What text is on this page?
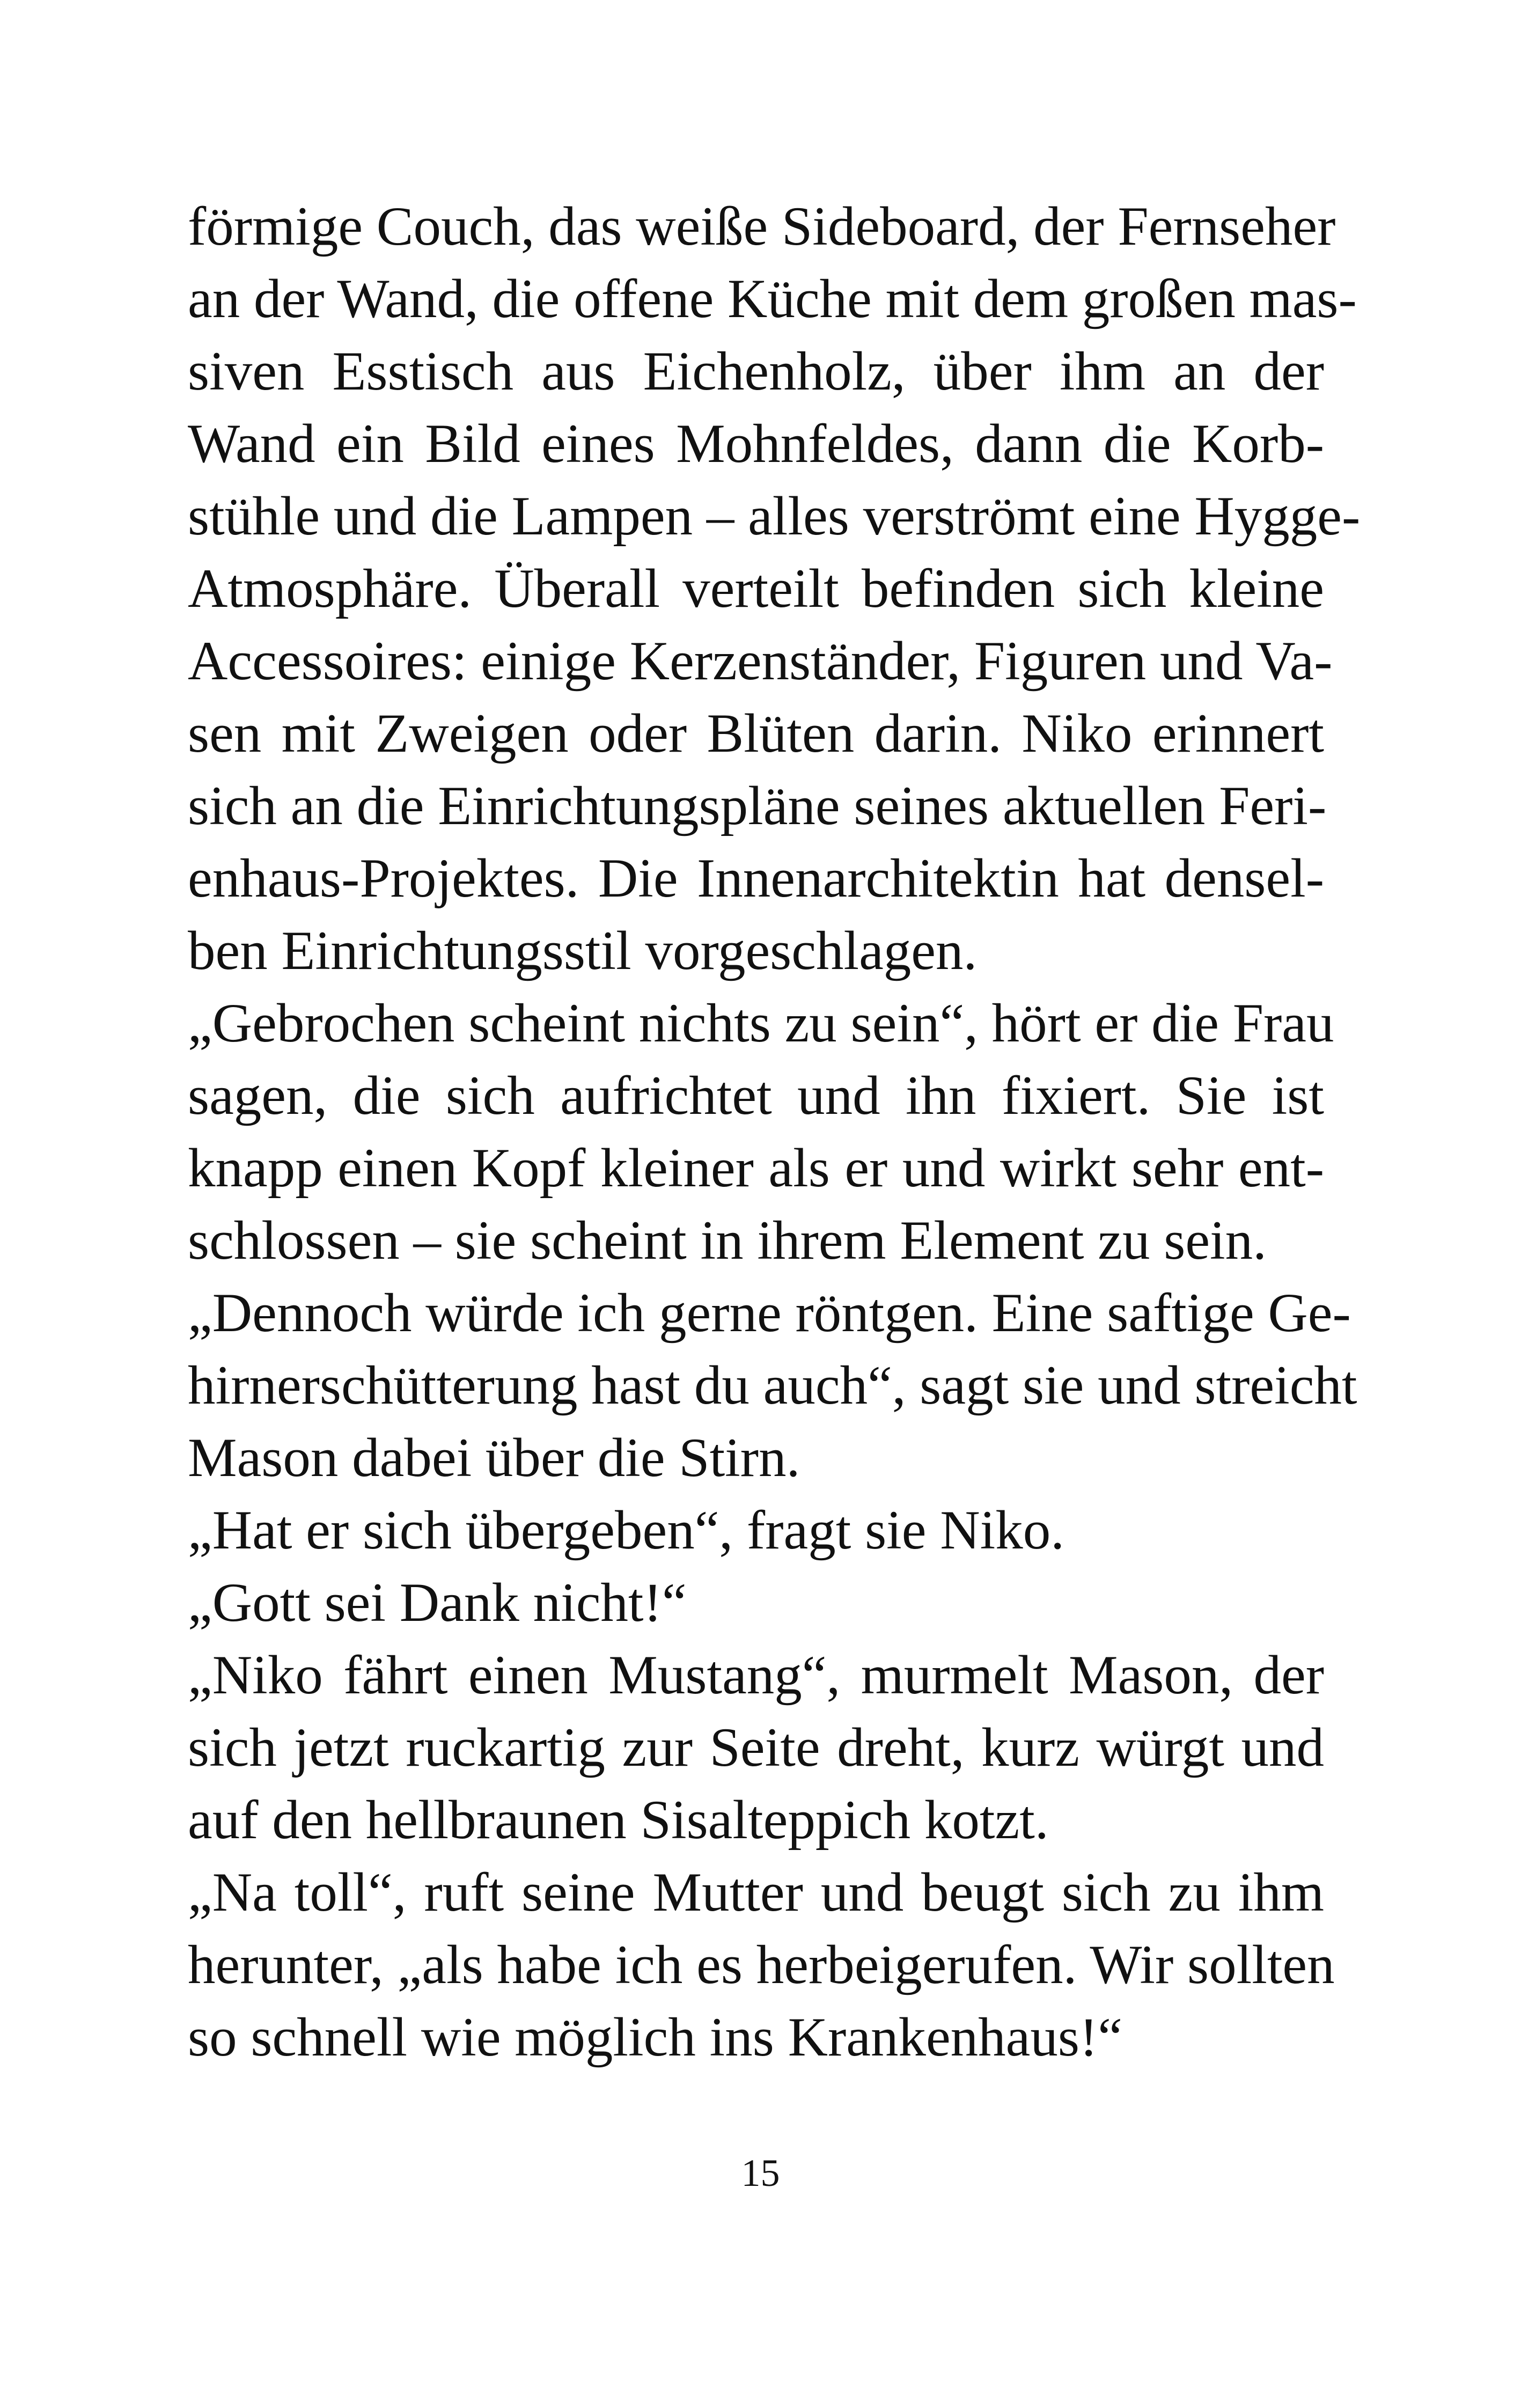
förmige Couch, das weiße Sideboard, der Fernseher
an der Wand, die offene Küche mit dem großen mas-
siven Esstisch aus Eichenholz, über ihm an der
Wand ein Bild eines Mohnfeldes, dann die Korb-
stühle und die Lampen – alles verströmt eine Hygge-
Atmosphäre. Überall verteilt befinden sich kleine
Accessoires: einige Kerzenständer, Figuren und Va-
sen mit Zweigen oder Blüten darin. Niko erinnert
sich an die Einrichtungspläne seines aktuellen Feri-
enhaus-Projektes. Die Innenarchitektin hat densel-
ben Einrichtungsstil vorgeschlagen.
„Gebrochen scheint nichts zu sein“, hört er die Frau
sagen, die sich aufrichtet und ihn fixiert. Sie ist
knapp einen Kopf kleiner als er und wirkt sehr ent-
schlossen – sie scheint in ihrem Element zu sein.
„Dennoch würde ich gerne röntgen. Eine saftige Ge-
hirnerschütterung hast du auch“, sagt sie und streicht
Mason dabei über die Stirn.
„Hat er sich übergeben“, fragt sie Niko.
„Gott sei Dank nicht!“
„Niko fährt einen Mustang“, murmelt Mason, der
sich jetzt ruckartig zur Seite dreht, kurz würgt und
auf den hellbraunen Sisalteppich kotzt.
„Na toll“, ruft seine Mutter und beugt sich zu ihm
herunter, „als habe ich es herbeigerufen. Wir sollten
so schnell wie möglich ins Krankenhaus!“
15
